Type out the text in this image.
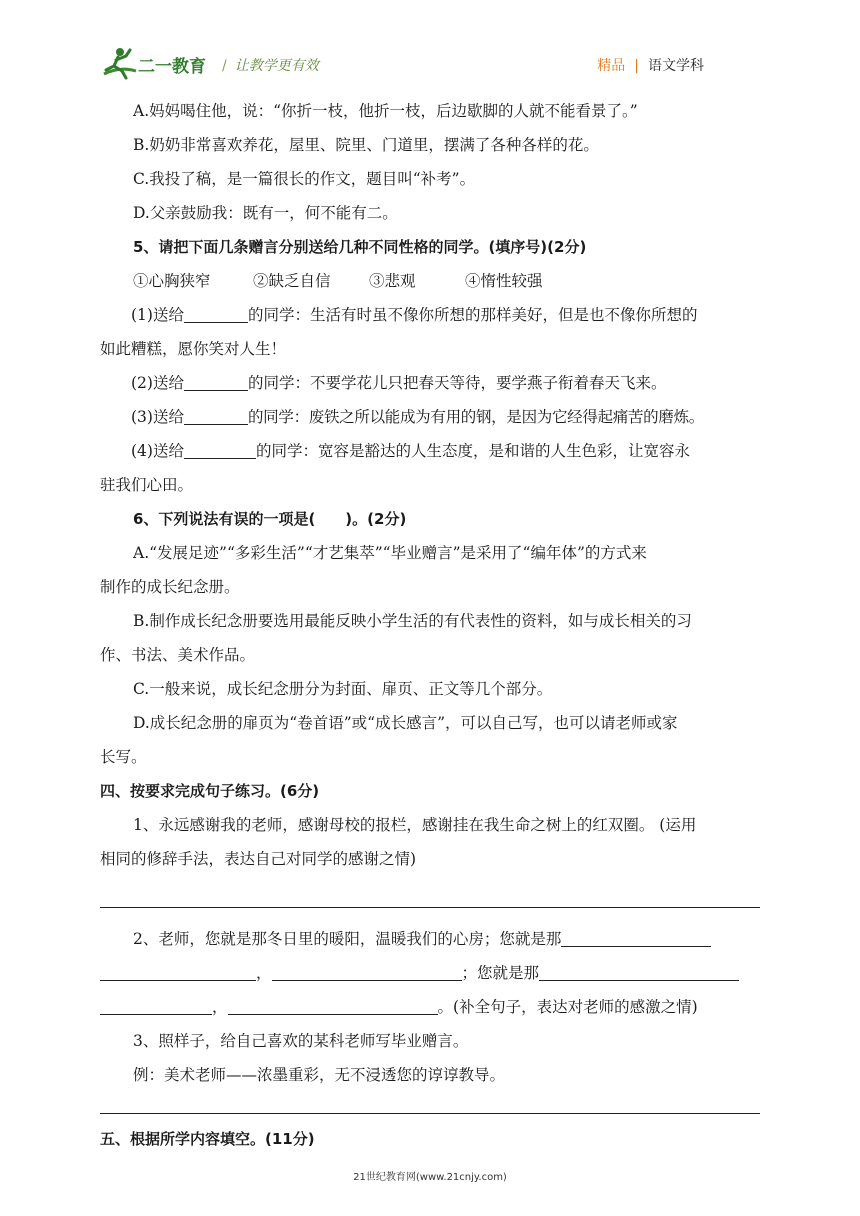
二一教育 / 让教学更有效	精品 | 语文学科
A.妈妈喝住他，说：“你折一枝，他折一枝，后边歇脚的人就不能看景了。”
B.奶奶非常喜欢养花，屋里、院里、门道里，摆满了各种各样的花。
C.我投了稿，是一篇很长的作文，题目叫“补考”。
D.父亲鼓励我：既有一，何不能有二。
5、请把下面几条赠言分别送给几种不同性格的同学。(填序号)(2分)
①心胸狭窄	②缺乏自信 ③悲观	④惰性较强
(1)送给	的同学：生活有时虽不像你所想的那样美好，但是也不像你所想的
如此糟糕，愿你笑对人生！
(2)送给	的同学：不要学花儿只把春天等待，要学燕子衔着春天飞来。
(3)送给	的同学：废铁之所以能成为有用的钢，是因为它经得起痛苦的磨炼。
(4)送给	的同学：宽容是豁达的人生态度，是和谐的人生色彩，让宽容永
驻我们心田。
6、下列说法有误的一项是(　　)。(2分)
A.“发展足迹”“多彩生活”“才艺集萃”“毕业赠言”是采用了“编年体”的方式来
制作的成长纪念册。
B.制作成长纪念册要选用最能反映小学生活的有代表性的资料，如与成长相关的习
作、书法、美术作品。
C.一般来说，成长纪念册分为封面、扉页、正文等几个部分。
D.成长纪念册的扉页为“卷首语”或“成长感言”，可以自己写，也可以请老师或家
长写。
四、按要求完成句子练习。(6分)
1、永远感谢我的老师，感谢母校的报栏，感谢挂在我生命之树上的红双圈。 (运用
相同的修辞手法，表达自己对同学的感谢之情)
2、老师，您就是那冬日里的暖阳，温暖我们的心房；您就是那
，	；您就是那
，	。(补全句子，表达对老师的感激之情)
3、照样子，给自己喜欢的某科老师写毕业赠言。
例：美术老师——浓墨重彩，无不浸透您的谆谆教导。
五、根据所学内容填空。(11分)
21世纪教育网(www.21cnjy.com)
